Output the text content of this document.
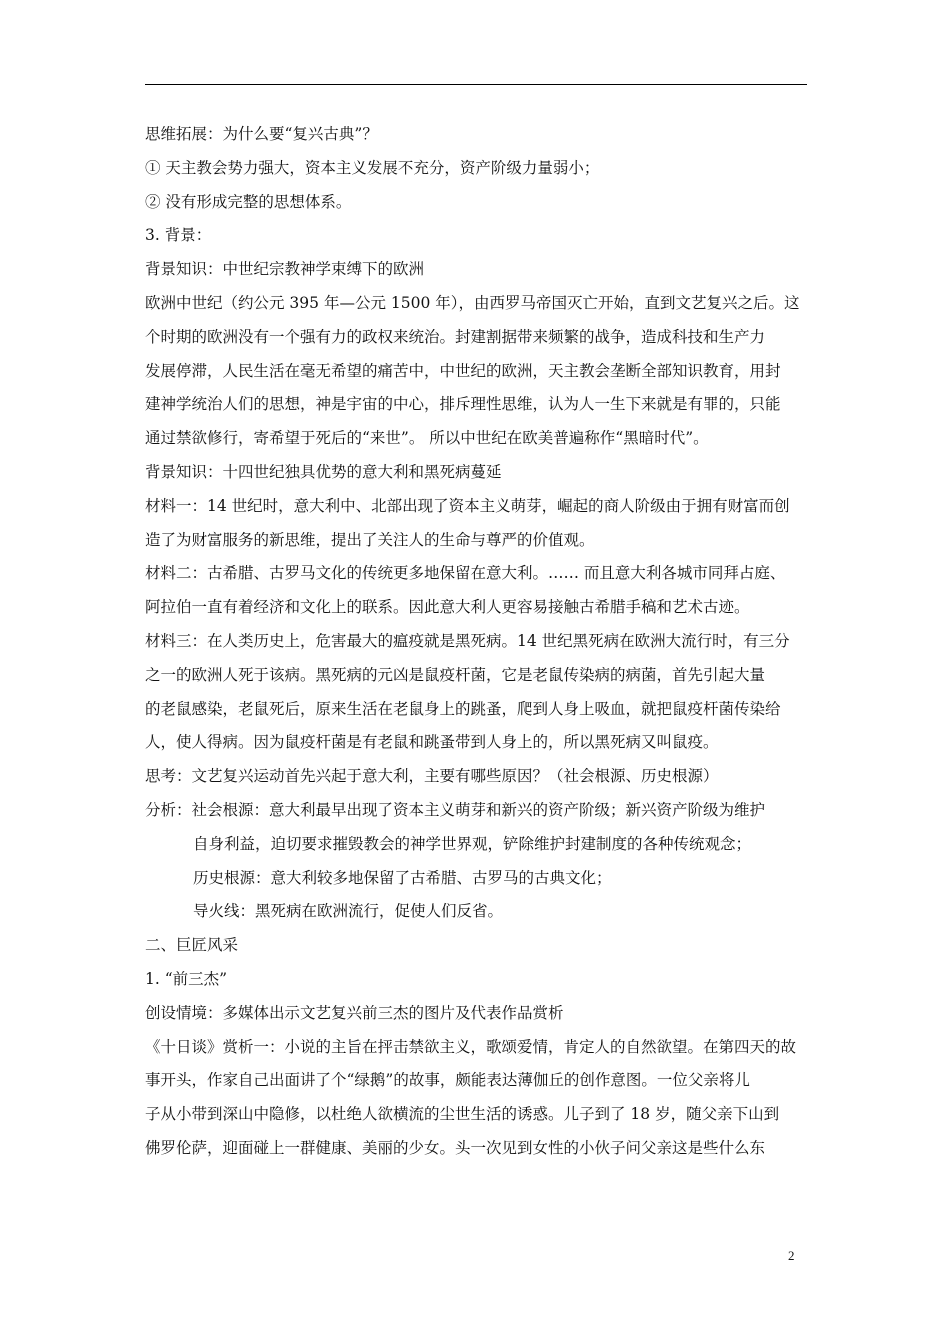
思维拓展：为什么要“复兴古典”？
① 天主教会势力强大，资本主义发展不充分，资产阶级力量弱小；
② 没有形成完整的思想体系。
3. 背景：
背景知识：中世纪宗教神学束缚下的欧洲
欧洲中世纪（约公元 395 年—公元 1500 年），由西罗马帝国灭亡开始，直到文艺复兴之后。这
个时期的欧洲没有一个强有力的政权来统治。封建割据带来频繁的战争，造成科技和生产力
发展停滞，人民生活在毫无希望的痛苦中，中世纪的欧洲，天主教会垄断全部知识教育，用封
建神学统治人们的思想，神是宇宙的中心，排斥理性思维，认为人一生下来就是有罪的，只能
通过禁欲修行，寄希望于死后的“来世”。 所以中世纪在欧美普遍称作“黑暗时代”。
背景知识：十四世纪独具优势的意大利和黑死病蔓延
材料一：14 世纪时，意大利中、北部出现了资本主义萌芽，崛起的商人阶级由于拥有财富而创
造了为财富服务的新思维，提出了关注人的生命与尊严的价值观。
材料二：古希腊、古罗马文化的传统更多地保留在意大利。…… 而且意大利各城市同拜占庭、
阿拉伯一直有着经济和文化上的联系。因此意大利人更容易接触古希腊手稿和艺术古迹。
材料三：在人类历史上，危害最大的瘟疫就是黑死病。14 世纪黑死病在欧洲大流行时，有三分
之一的欧洲人死于该病。黑死病的元凶是鼠疫杆菌，它是老鼠传染病的病菌，首先引起大量
的老鼠感染，老鼠死后，原来生活在老鼠身上的跳蚤，爬到人身上吸血，就把鼠疫杆菌传染给
人，使人得病。因为鼠疫杆菌是有老鼠和跳蚤带到人身上的，所以黑死病又叫鼠疫。
思考：文艺复兴运动首先兴起于意大利，主要有哪些原因？（社会根源、历史根源）
分析：社会根源：意大利最早出现了资本主义萌芽和新兴的资产阶级；新兴资产阶级为维护
自身利益，迫切要求摧毁教会的神学世界观，铲除维护封建制度的各种传统观念；
历史根源：意大利较多地保留了古希腊、古罗马的古典文化；
导火线：黑死病在欧洲流行，促使人们反省。
二、巨匠风采
1. “前三杰”
创设情境：多媒体出示文艺复兴前三杰的图片及代表作品赏析
《十日谈》赏析一：小说的主旨在抨击禁欲主义，歌颂爱情，肯定人的自然欲望。在第四天的故
事开头，作家自己出面讲了个“绿鹅”的故事，颇能表达薄伽丘的创作意图。一位父亲将儿
子从小带到深山中隐修，以杜绝人欲横流的尘世生活的诱惑。儿子到了 18 岁，随父亲下山到
佛罗伦萨，迎面碰上一群健康、美丽的少女。头一次见到女性的小伙子问父亲这是些什么东
2
